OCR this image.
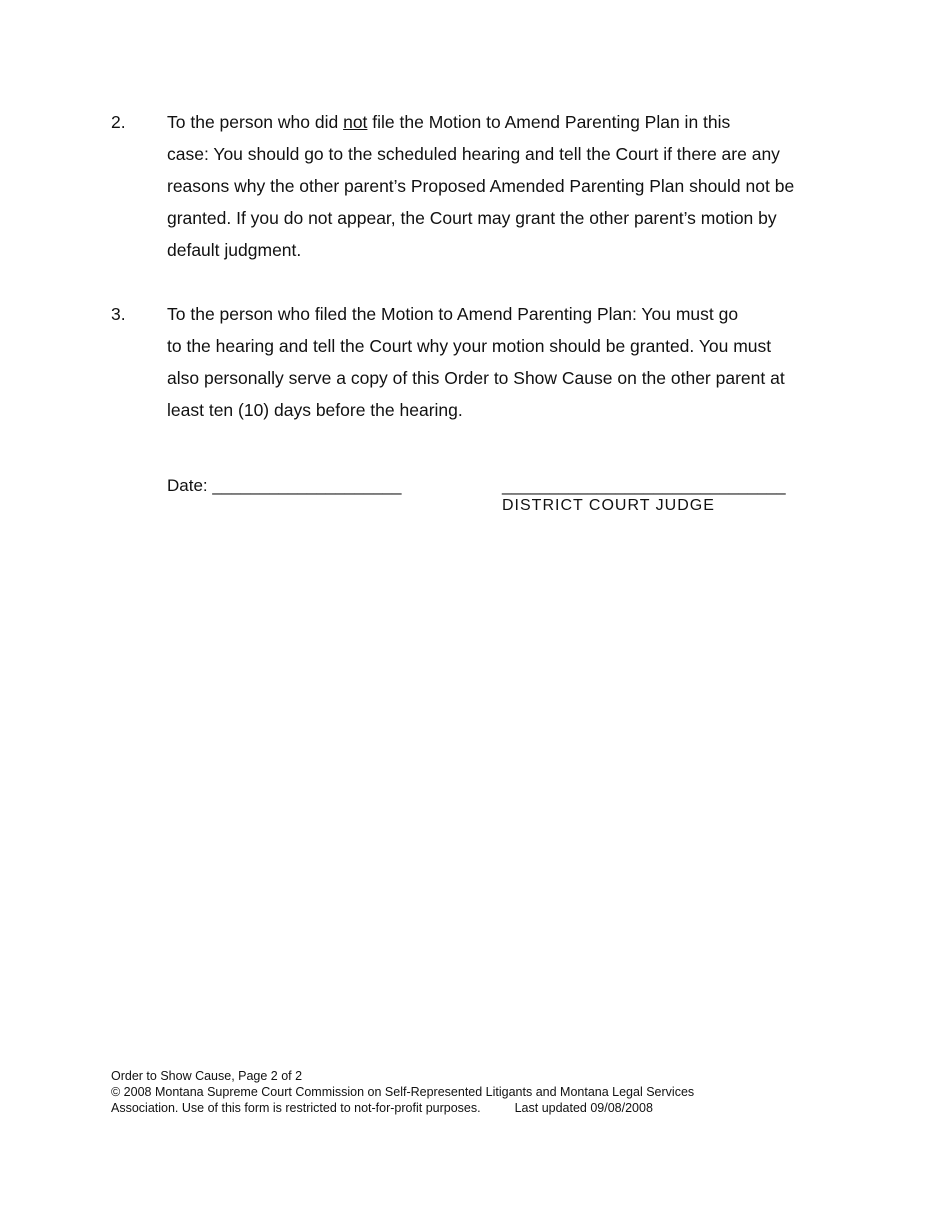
2. To the person who did not file the Motion to Amend Parenting Plan in this
case: You should go to the scheduled hearing and tell the Court if there are any
reasons why the other parent’s Proposed Amended Parenting Plan should not be
granted. If you do not appear, the Court may grant the other parent’s motion by
default judgment.
3. To the person who filed the Motion to Amend Parenting Plan: You must go
to the hearing and tell the Court why your motion should be granted. You must
also personally serve a copy of this Order to Show Cause on the other parent at
least ten (10) days before the hearing.
Date: ____________________	______________________________
DISTRICT COURT JUDGE
Order to Show Cause, Page 2 of 2
© 2008 Montana Supreme Court Commission on Self-Represented Litigants and Montana Legal Services
Association. Use of this form is restricted to not-for-profit purposes.	Last updated 09/08/2008
